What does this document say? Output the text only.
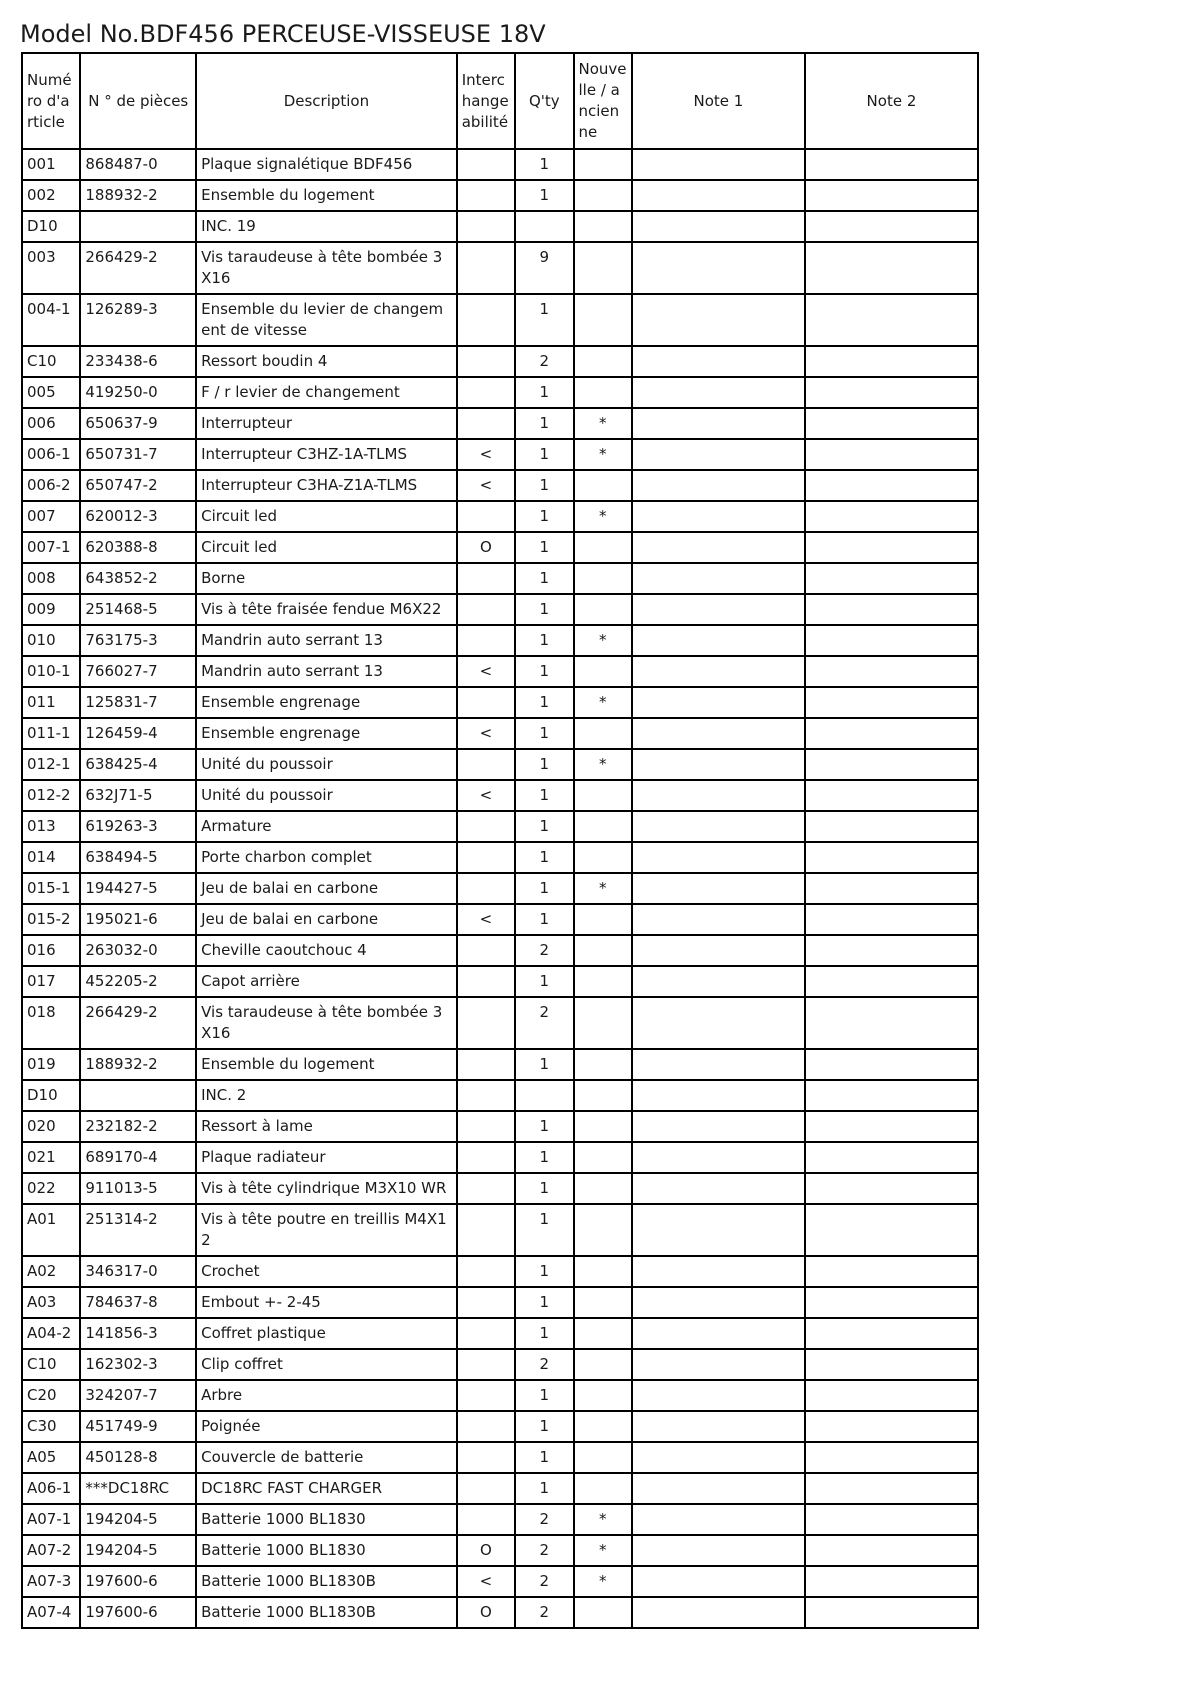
Model No.BDF456 PERCEUSE-VISSEUSE 18V
Numéro d'article	N ° de pièces	Description	Interchangeabilité	Q'ty	Nouvelle / ancienne	Note 1	Note 2
001	868487-0	Plaque signalétique BDF456		1			
002	188932-2	Ensemble du logement		1			
D10		INC. 19					
003	266429-2	Vis taraudeuse à tête bombée 3X16		9			
004-1	126289-3	Ensemble du levier de changement de vitesse		1			
C10	233438-6	Ressort boudin 4		2			
005	419250-0	F / r levier de changement		1			
006	650637-9	Interrupteur		1	*		
006-1	650731-7	Interrupteur C3HZ-1A-TLMS	<	1	*		
006-2	650747-2	Interrupteur C3HA-Z1A-TLMS	<	1			
007	620012-3	Circuit led		1	*		
007-1	620388-8	Circuit led	O	1			
008	643852-2	Borne		1			
009	251468-5	Vis à tête fraisée fendue M6X22		1			
010	763175-3	Mandrin auto serrant 13		1	*		
010-1	766027-7	Mandrin auto serrant 13	<	1			
011	125831-7	Ensemble engrenage		1	*		
011-1	126459-4	Ensemble engrenage	<	1			
012-1	638425-4	Unité du poussoir		1	*		
012-2	632J71-5	Unité du poussoir	<	1			
013	619263-3	Armature		1			
014	638494-5	Porte charbon complet		1			
015-1	194427-5	Jeu de balai en carbone		1	*		
015-2	195021-6	Jeu de balai en carbone	<	1			
016	263032-0	Cheville caoutchouc 4		2			
017	452205-2	Capot arrière		1			
018	266429-2	Vis taraudeuse à tête bombée 3X16		2			
019	188932-2	Ensemble du logement		1			
D10		INC. 2					
020	232182-2	Ressort à lame		1			
021	689170-4	Plaque radiateur		1			
022	911013-5	Vis à tête cylindrique M3X10 WR		1			
A01	251314-2	Vis à tête poutre en treillis M4X12		1			
A02	346317-0	Crochet		1			
A03	784637-8	Embout +- 2-45		1			
A04-2	141856-3	Coffret plastique		1			
C10	162302-3	Clip coffret		2			
C20	324207-7	Arbre		1			
C30	451749-9	Poignée		1			
A05	450128-8	Couvercle de batterie		1			
A06-1	***DC18RC	DC18RC FAST CHARGER		1			
A07-1	194204-5	Batterie 1000 BL1830		2	*		
A07-2	194204-5	Batterie 1000 BL1830	O	2	*		
A07-3	197600-6	Batterie 1000 BL1830B	<	2	*		
A07-4	197600-6	Batterie 1000 BL1830B	O	2			
